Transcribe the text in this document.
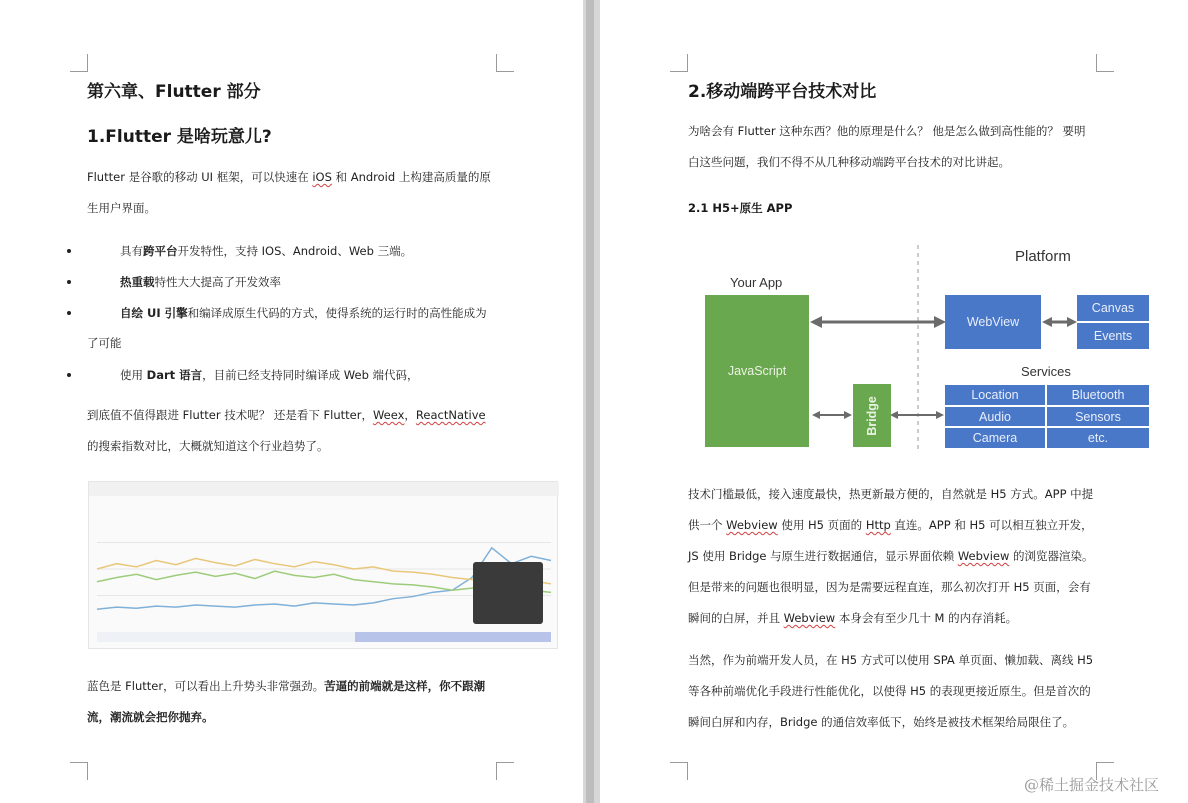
第六章、Flutter 部分
1.Flutter 是啥玩意儿?
Flutter 是谷歌的移动 UI 框架，可以快速在 iOS 和 Android 上构建高质量的原
生用户界面。
具有跨平台开发特性，支持 IOS、Android、Web 三端。
热重载特性大大提高了开发效率
自绘 UI 引擎和编译成原生代码的方式，使得系统的运行时的高性能成为
了可能
使用 Dart 语言，目前已经支持同时编译成 Web 端代码，
到底值不值得跟进 Flutter 技术呢？ 还是看下 Flutter，Weex，ReactNative
的搜索指数对比，大概就知道这个行业趋势了。
蓝色是 Flutter，可以看出上升势头非常强劲。苦逼的前端就是这样，你不跟潮
流，潮流就会把你抛弃。
2.移动端跨平台技术对比
为啥会有 Flutter 这种东西？他的原理是什么？ 他是怎么做到高性能的？ 要明
白这些问题，我们不得不从几种移动端跨平台技术的对比讲起。
2.1 H5+原生 APP
Platform
Your App
JavaScript
Bridge
WebView
Canvas
Events
Services
Location	Bluetooth
Audio	Sensors
Camera	etc.
技术门槛最低，接入速度最快，热更新最方便的，自然就是 H5 方式。APP 中提
供一个 Webview 使用 H5 页面的 Http 直连。APP 和 H5 可以相互独立开发，
JS 使用 Bridge 与原生进行数据通信，显示界面依赖 Webview 的浏览器渲染。
但是带来的问题也很明显，因为是需要远程直连，那么初次打开 H5 页面，会有
瞬间的白屏，并且 Webview 本身会有至少几十 M 的内存消耗。
当然，作为前端开发人员，在 H5 方式可以使用 SPA 单页面、懒加载、离线 H5
等各种前端优化手段进行性能优化，以使得 H5 的表现更接近原生。但是首次的
瞬间白屏和内存，Bridge 的通信效率低下，始终是被技术框架给局限住了。
@稀土掘金技术社区
